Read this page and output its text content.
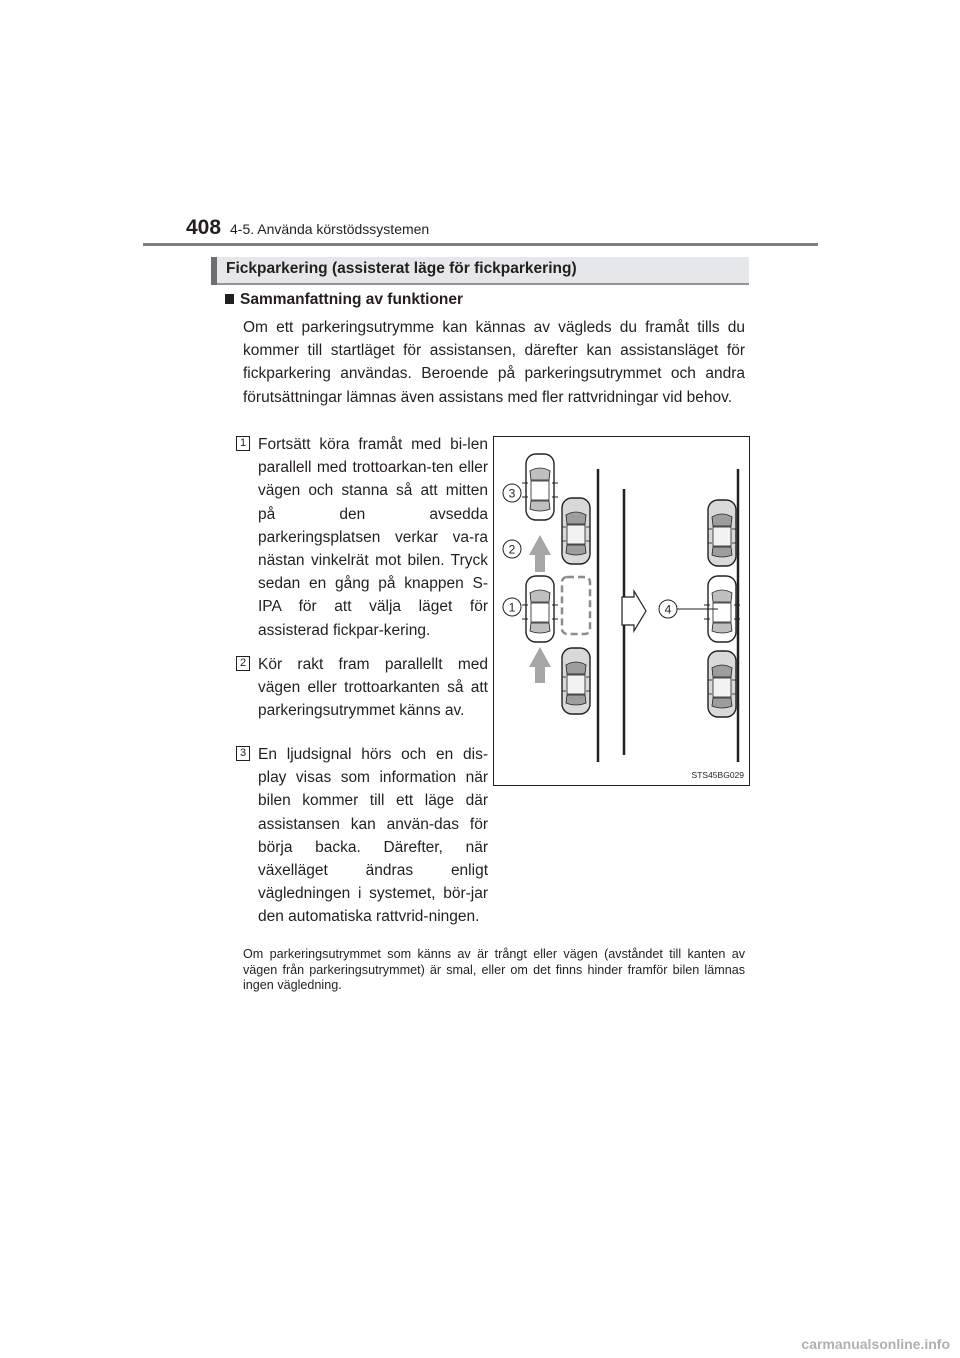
408 4-5. Använda körstödssystemen
Fickparkering (assisterat läge för fickparkering)
Sammanfattning av funktioner
Om ett parkeringsutrymme kan kännas av vägleds du framåt tills du kommer till startläget för assistansen, därefter kan assistansläget för fickparkering användas. Beroende på parkeringsutrymmet och andra förutsättningar lämnas även assistans med fler rattvridningar vid behov.
1 Fortsätt köra framåt med bi-len parallell med trottoarkan-ten eller vägen och stanna så att mitten på den avsedda parkeringsplatsen verkar va-ra nästan vinkelrät mot bilen. Tryck sedan en gång på knappen S-IPA för att välja läget för assisterad fickpar-kering.
2 Kör rakt fram parallellt med vägen eller trottoarkanten så att parkeringsutrymmet känns av.
3 En ljudsignal hörs och en dis-play visas som information när bilen kommer till ett läge där assistansen kan använ-das för börja backa. Därefter, när växelläget ändras enligt vägledningen i systemet, bör-jar den automatiska rattvrid-ningen.
3
2
1	4
STS45BG029
Om parkeringsutrymmet som känns av är trångt eller vägen (avståndet till kanten av vägen från parkeringsutrymmet) är smal, eller om det finns hinder framför bilen lämnas ingen vägledning.
carmanualsonline.info
